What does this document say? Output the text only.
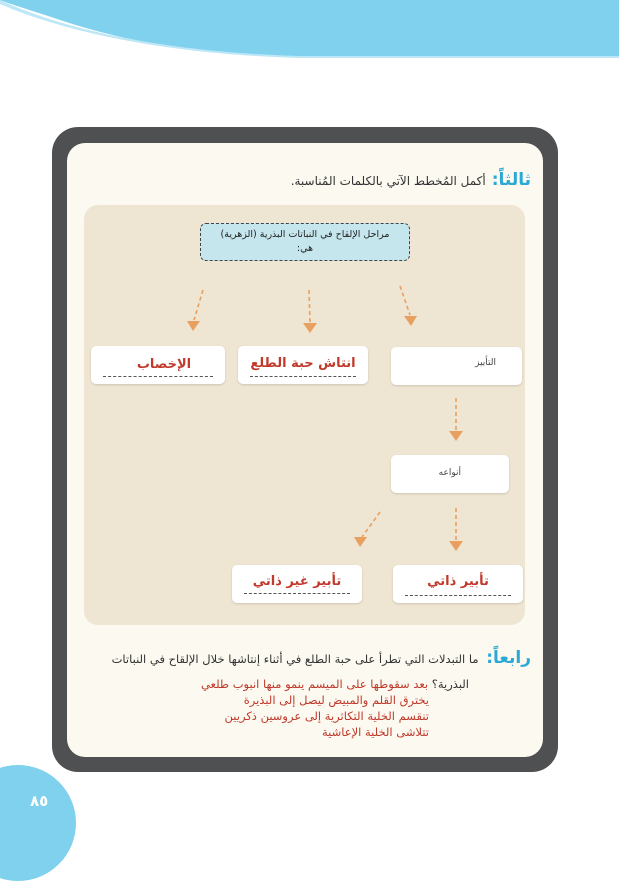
ثالثاً:
أكمل المُخطط الآتي بالكلمات المُناسبة.
مراحل الإلقاح في النباتات البذرية (الزهرية)
هي:
الإخصاب	انتاش حبة الطلع	التأبيز
أنواعه
تأبير غير ذاتي	تأبير ذاتي
رابعاً: ما التبدلات التي تطرأ على حبة الطلع في أثناء إنتاشها خلال الإلقاح في النباتات
البذرية؟ بعد سقوطها على الميسم ينمو منها انبوب طلعي
يخترق القلم والمبيض ليصل إلى البذيرة
تنقسم الخلية التكاثرية إلى عروسين ذكريين
تتلاشى الخلية الإعاشية
٨٥
